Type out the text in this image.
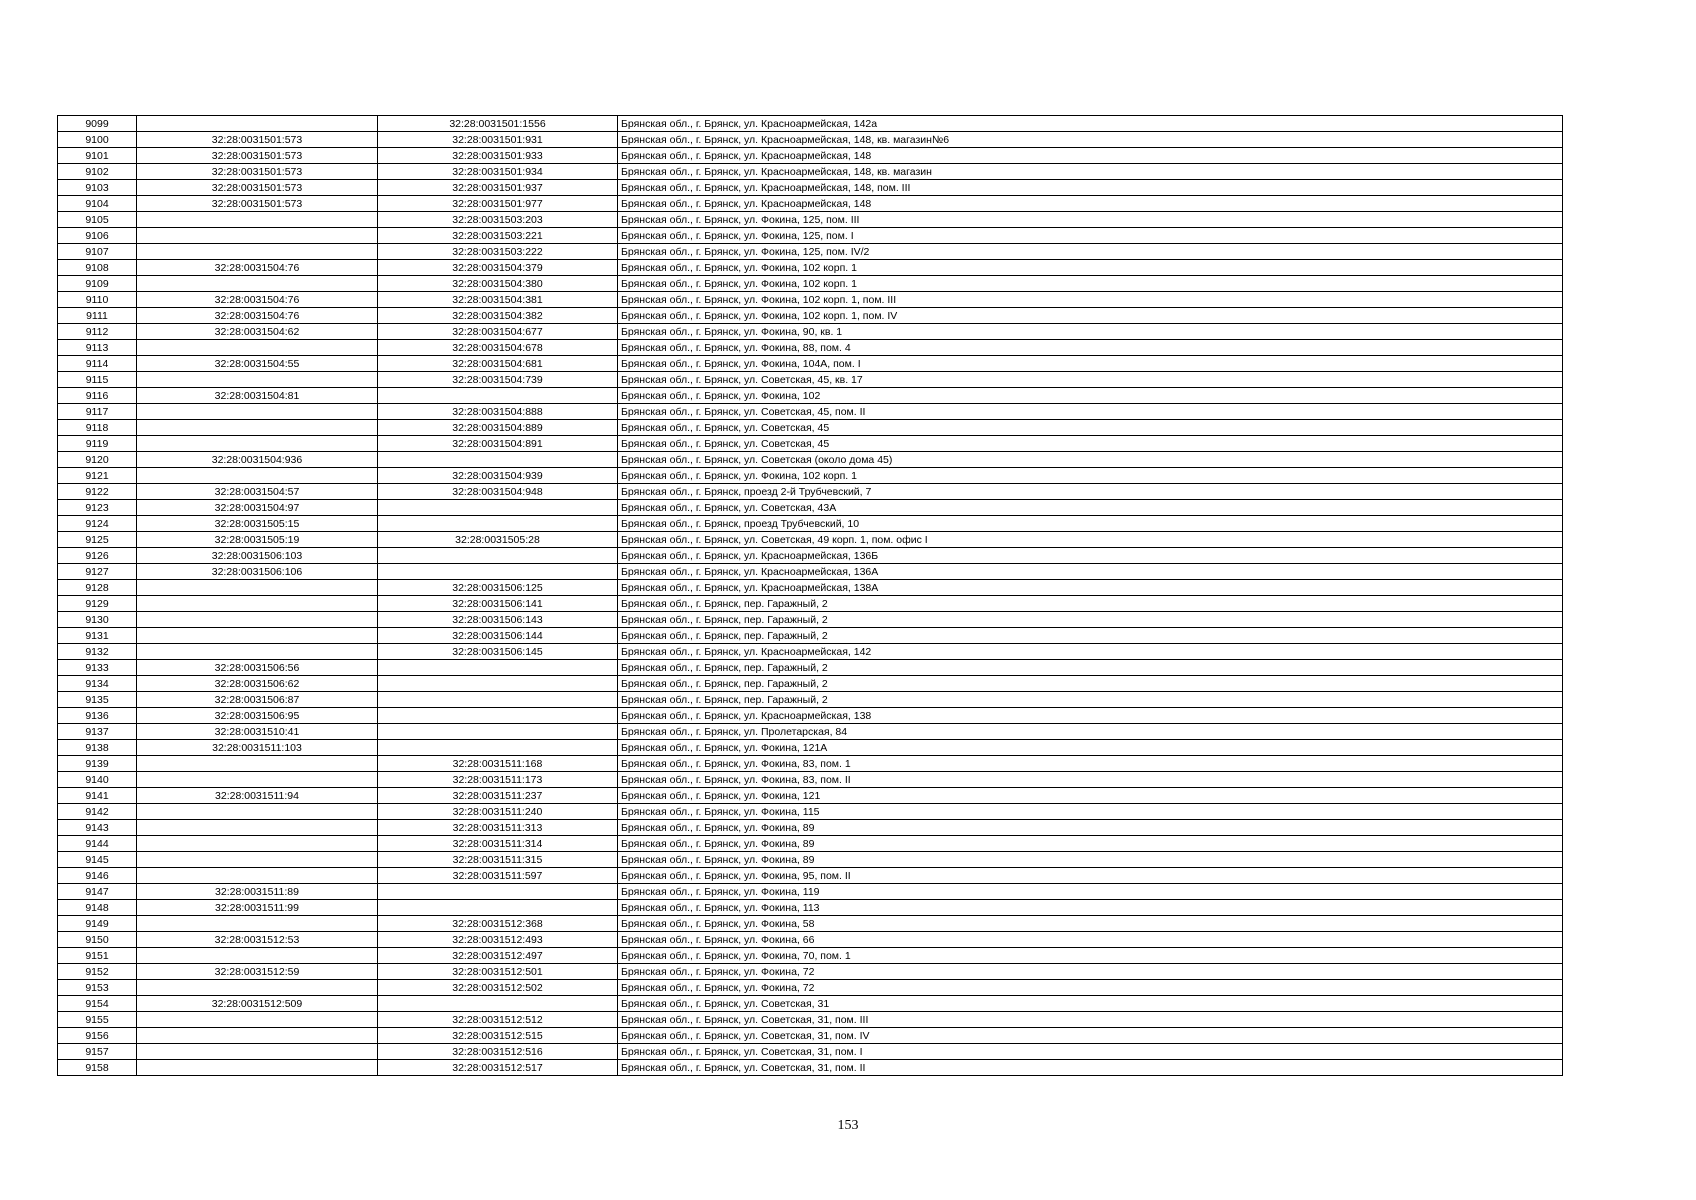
9099		32:28:0031501:1556	Брянская обл., г. Брянск, ул. Красноармейская, 142а
9100	32:28:0031501:573	32:28:0031501:931	Брянская обл., г. Брянск, ул. Красноармейская, 148, кв. магазин№6
9101	32:28:0031501:573	32:28:0031501:933	Брянская обл., г. Брянск, ул. Красноармейская, 148
9102	32:28:0031501:573	32:28:0031501:934	Брянская обл., г. Брянск, ул. Красноармейская, 148, кв. магазин
9103	32:28:0031501:573	32:28:0031501:937	Брянская обл., г. Брянск, ул. Красноармейская, 148, пом. III
9104	32:28:0031501:573	32:28:0031501:977	Брянская обл., г. Брянск, ул. Красноармейская, 148
9105		32:28:0031503:203	Брянская обл., г. Брянск, ул. Фокина, 125, пом. III
9106		32:28:0031503:221	Брянская обл., г. Брянск, ул. Фокина, 125, пом. I
9107		32:28:0031503:222	Брянская обл., г. Брянск, ул. Фокина, 125, пом. IV/2
9108	32:28:0031504:76	32:28:0031504:379	Брянская обл., г. Брянск, ул. Фокина, 102 корп. 1
9109		32:28:0031504:380	Брянская обл., г. Брянск, ул. Фокина, 102 корп. 1
9110	32:28:0031504:76	32:28:0031504:381	Брянская обл., г. Брянск, ул. Фокина, 102 корп. 1, пом. III
9111	32:28:0031504:76	32:28:0031504:382	Брянская обл., г. Брянск, ул. Фокина, 102 корп. 1, пом. IV
9112	32:28:0031504:62	32:28:0031504:677	Брянская обл., г. Брянск, ул. Фокина, 90, кв. 1
9113		32:28:0031504:678	Брянская обл., г. Брянск, ул. Фокина, 88, пом. 4
9114	32:28:0031504:55	32:28:0031504:681	Брянская обл., г. Брянск, ул. Фокина, 104А, пом. I
9115		32:28:0031504:739	Брянская обл., г. Брянск, ул. Советская, 45, кв. 17
9116	32:28:0031504:81		Брянская обл., г. Брянск, ул. Фокина, 102
9117		32:28:0031504:888	Брянская обл., г. Брянск, ул. Советская, 45, пом. II
9118		32:28:0031504:889	Брянская обл., г. Брянск, ул. Советская, 45
9119		32:28:0031504:891	Брянская обл., г. Брянск, ул. Советская, 45
9120	32:28:0031504:936		Брянская обл., г. Брянск, ул. Советская (около дома 45)
9121		32:28:0031504:939	Брянская обл., г. Брянск, ул. Фокина, 102 корп. 1
9122	32:28:0031504:57	32:28:0031504:948	Брянская обл., г. Брянск, проезд 2-й Трубчевский, 7
9123	32:28:0031504:97		Брянская обл., г. Брянск, ул. Советская, 43А
9124	32:28:0031505:15		Брянская обл., г. Брянск, проезд Трубчевский, 10
9125	32:28:0031505:19	32:28:0031505:28	Брянская обл., г. Брянск, ул. Советская, 49 корп. 1, пом. офис I
9126	32:28:0031506:103		Брянская обл., г. Брянск, ул. Красноармейская, 136Б
9127	32:28:0031506:106		Брянская обл., г. Брянск, ул. Красноармейская, 136А
9128		32:28:0031506:125	Брянская обл., г. Брянск, ул. Красноармейская, 138А
9129		32:28:0031506:141	Брянская обл., г. Брянск, пер. Гаражный, 2
9130		32:28:0031506:143	Брянская обл., г. Брянск, пер. Гаражный, 2
9131		32:28:0031506:144	Брянская обл., г. Брянск, пер. Гаражный, 2
9132		32:28:0031506:145	Брянская обл., г. Брянск, ул. Красноармейская, 142
9133	32:28:0031506:56		Брянская обл., г. Брянск, пер. Гаражный, 2
9134	32:28:0031506:62		Брянская обл., г. Брянск, пер. Гаражный, 2
9135	32:28:0031506:87		Брянская обл., г. Брянск, пер. Гаражный, 2
9136	32:28:0031506:95		Брянская обл., г. Брянск, ул. Красноармейская, 138
9137	32:28:0031510:41		Брянская обл., г. Брянск, ул. Пролетарская, 84
9138	32:28:0031511:103		Брянская обл., г. Брянск, ул. Фокина, 121А
9139		32:28:0031511:168	Брянская обл., г. Брянск, ул. Фокина, 83, пом. 1
9140		32:28:0031511:173	Брянская обл., г. Брянск, ул. Фокина, 83, пом. II
9141	32:28:0031511:94	32:28:0031511:237	Брянская обл., г. Брянск, ул. Фокина, 121
9142		32:28:0031511:240	Брянская обл., г. Брянск, ул. Фокина, 115
9143		32:28:0031511:313	Брянская обл., г. Брянск, ул. Фокина, 89
9144		32:28:0031511:314	Брянская обл., г. Брянск, ул. Фокина, 89
9145		32:28:0031511:315	Брянская обл., г. Брянск, ул. Фокина, 89
9146		32:28:0031511:597	Брянская обл., г. Брянск, ул. Фокина, 95, пом. II
9147	32:28:0031511:89		Брянская обл., г. Брянск, ул. Фокина, 119
9148	32:28:0031511:99		Брянская обл., г. Брянск, ул. Фокина, 113
9149		32:28:0031512:368	Брянская обл., г. Брянск, ул. Фокина, 58
9150	32:28:0031512:53	32:28:0031512:493	Брянская обл., г. Брянск, ул. Фокина, 66
9151		32:28:0031512:497	Брянская обл., г. Брянск, ул. Фокина, 70, пом. 1
9152	32:28:0031512:59	32:28:0031512:501	Брянская обл., г. Брянск, ул. Фокина, 72
9153		32:28:0031512:502	Брянская обл., г. Брянск, ул. Фокина, 72
9154	32:28:0031512:509		Брянская обл., г. Брянск, ул. Советская, 31
9155		32:28:0031512:512	Брянская обл., г. Брянск, ул. Советская, 31, пом. III
9156		32:28:0031512:515	Брянская обл., г. Брянск, ул. Советская, 31, пом. IV
9157		32:28:0031512:516	Брянская обл., г. Брянск, ул. Советская, 31, пом. I
9158		32:28:0031512:517	Брянская обл., г. Брянск, ул. Советская, 31, пом. II
153
